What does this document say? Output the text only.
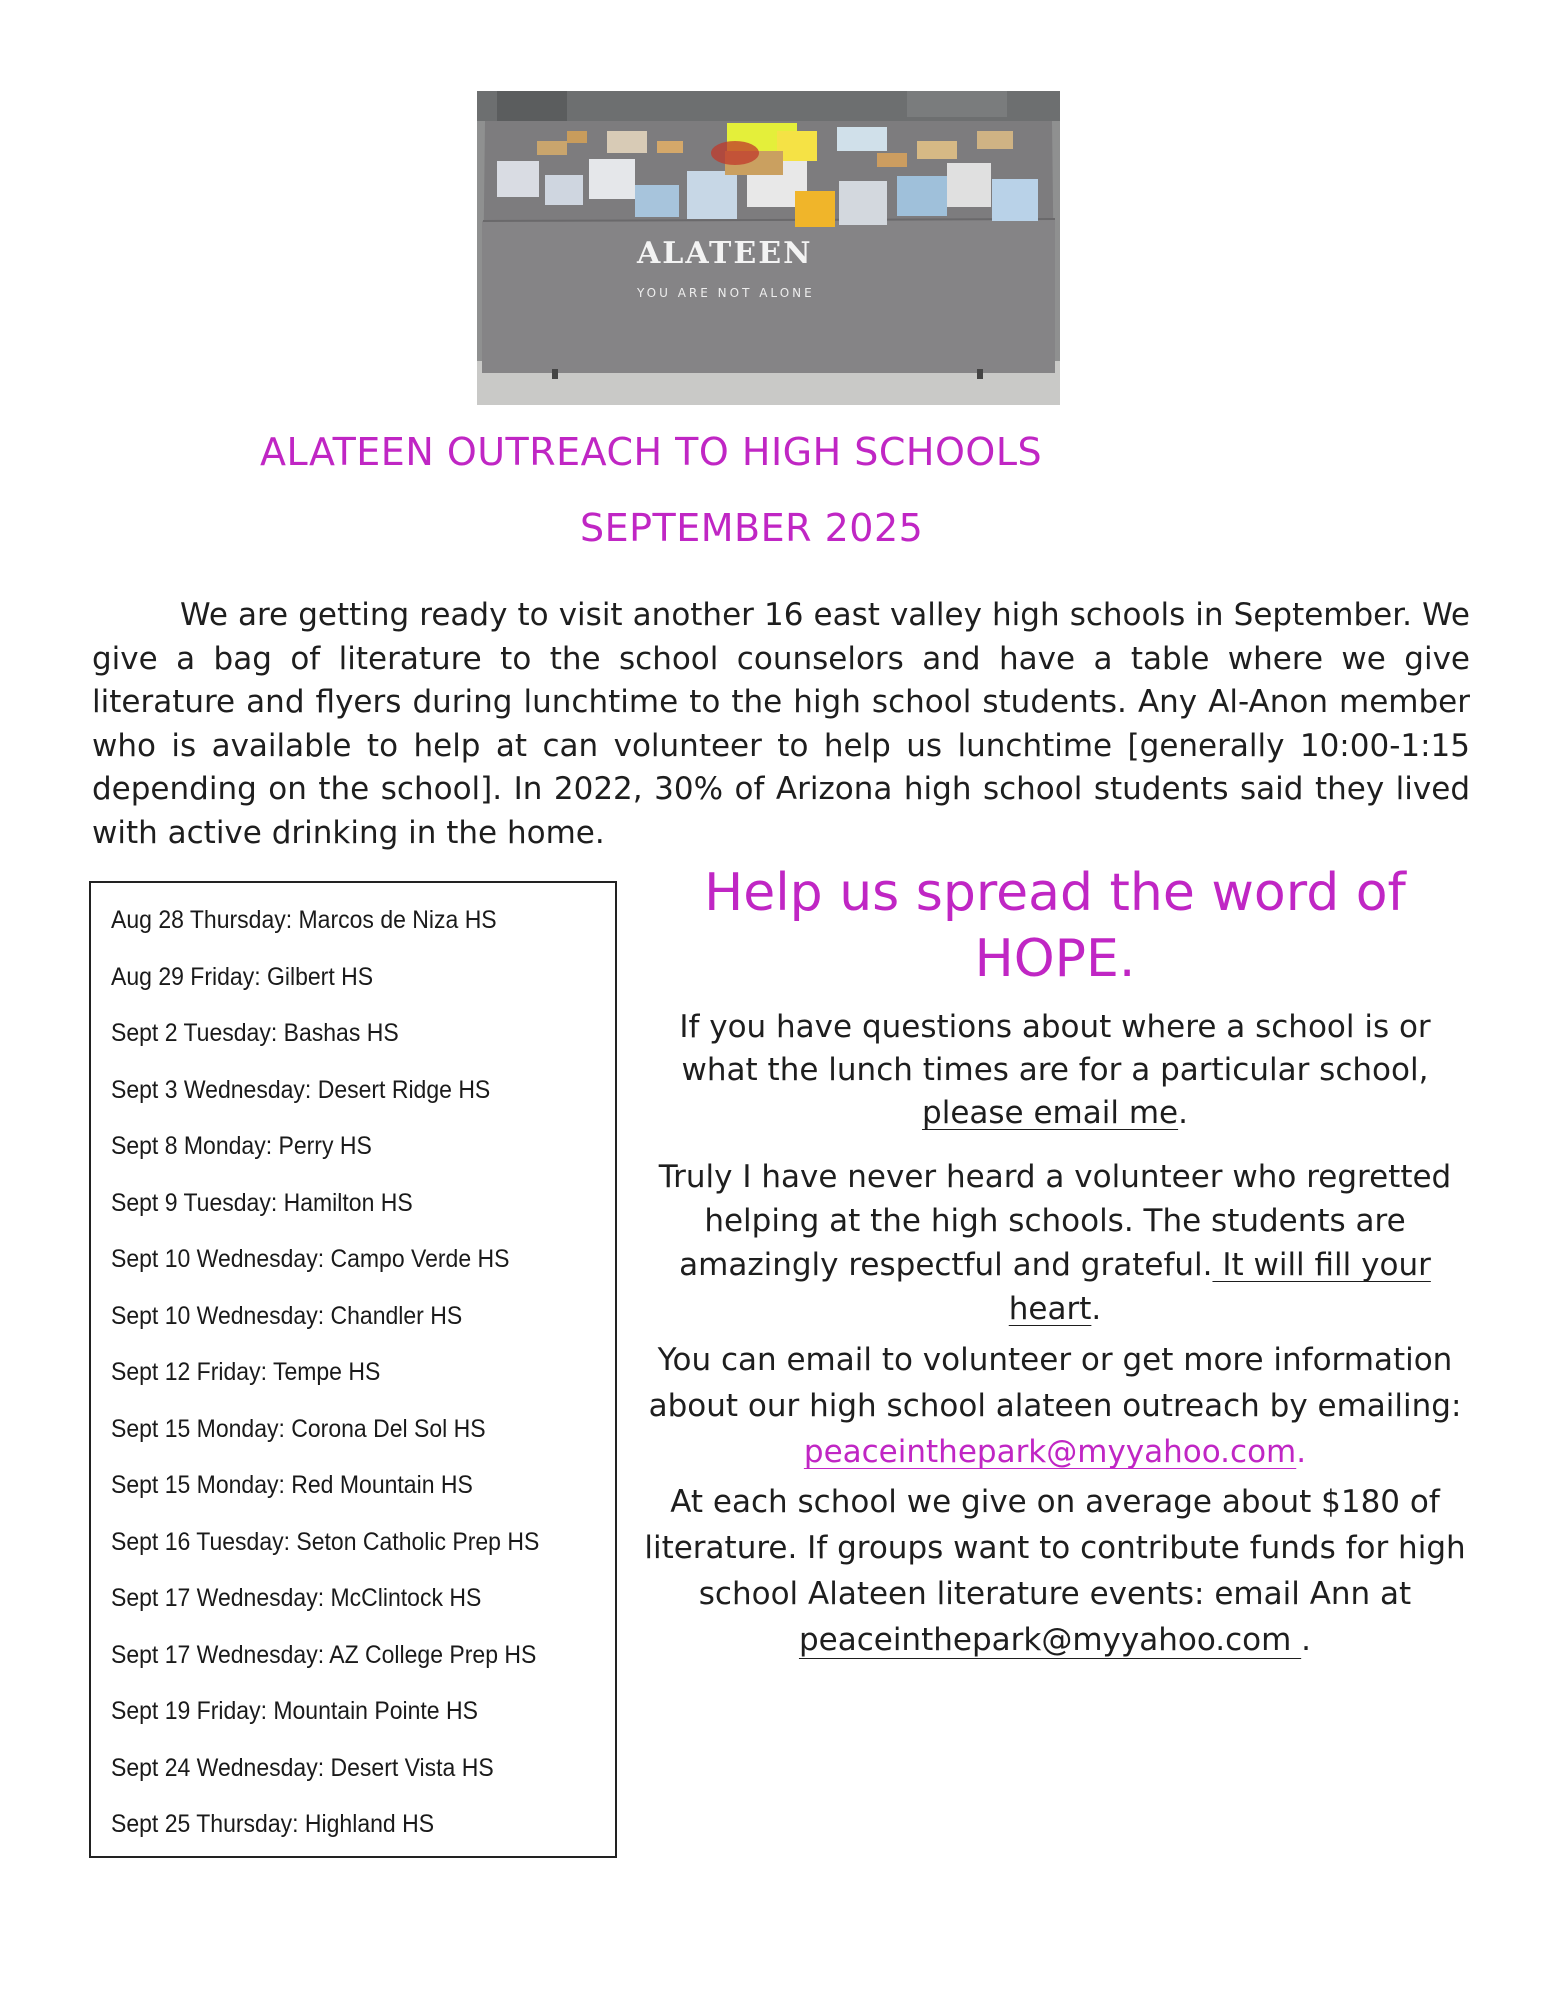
ALATEEN
YOU ARE NOT ALONE
ALATEEN OUTREACH TO HIGH SCHOOLS
SEPTEMBER 2025
We are getting ready to visit another 16 east valley high schools in September. We give a bag of literature to the school counselors and have a table where we give literature and flyers during lunchtime to the high school students. Any Al-Anon member who is available to help at can volunteer to help us lunchtime [generally 10:00-1:15 depending on the school]. In 2022, 30% of Arizona high school students said they lived with active drinking in the home.
Aug 28 Thursday: Marcos de Niza HS
Aug 29 Friday: Gilbert HS
Sept 2 Tuesday: Bashas HS
Sept 3 Wednesday: Desert Ridge HS
Sept 8 Monday: Perry HS
Sept 9 Tuesday: Hamilton HS
Sept 10 Wednesday: Campo Verde HS
Sept 10 Wednesday: Chandler HS
Sept 12 Friday: Tempe HS
Sept 15 Monday: Corona Del Sol HS
Sept 15 Monday: Red Mountain HS
Sept 16 Tuesday: Seton Catholic Prep HS
Sept 17 Wednesday: McClintock HS
Sept 17 Wednesday: AZ College Prep HS
Sept 19 Friday: Mountain Pointe HS
Sept 24 Wednesday: Desert Vista HS
Sept 25 Thursday: Highland HS
Help us spread the word of
HOPE.

If you have questions about where a school is or what the lunch times are for a particular school, please email me.

Truly I have never heard a volunteer who regretted helping at the high schools. The students are amazingly respectful and grateful. It will fill your heart.

You can email to volunteer or get more information about our high school alateen outreach by emailing:
peaceinthepark@myyahoo.com.

At each school we give on average about $180 of literature. If groups want to contribute funds for high school Alateen literature events: email Ann at peaceinthepark@myyahoo.com .
